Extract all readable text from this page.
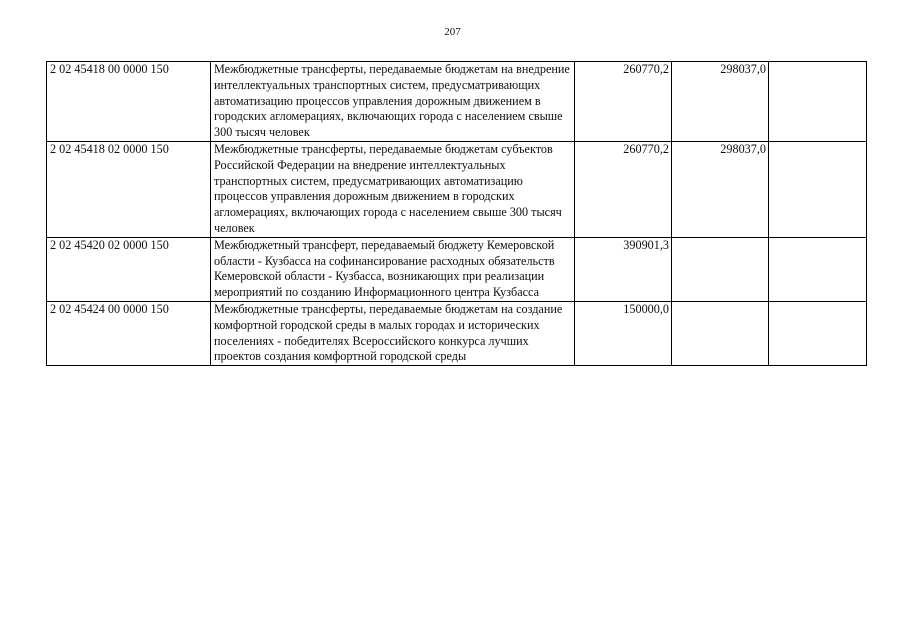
207
2 02 45418 00 0000 150	Межбюджетные трансферты, передаваемые бюджетам на внедрение интеллектуальных транспортных систем, предусматривающих автоматизацию процессов управления дорожным движением в городских агломерациях, включающих города с населением свыше 300 тысяч человек	260770,2	298037,0	
2 02 45418 02 0000 150	Межбюджетные трансферты, передаваемые бюджетам субъектов Российской Федерации на внедрение интеллектуальных транспортных систем, предусматривающих автоматизацию процессов управления дорожным движением в городских агломерациях, включающих города с населением свыше 300 тысяч человек	260770,2	298037,0	
2 02 45420 02 0000 150	Межбюджетный трансферт, передаваемый бюджету Кемеровской области - Кузбасса на софинансирование расходных обязательств Кемеровской области - Кузбасса, возникающих при реализации мероприятий по созданию Информационного центра Кузбасса	390901,3		
2 02 45424 00 0000 150	Межбюджетные трансферты, передаваемые бюджетам на создание комфортной городской среды в малых городах и исторических поселениях - победителях Всероссийского конкурса лучших проектов создания комфортной городской среды	150000,0		
